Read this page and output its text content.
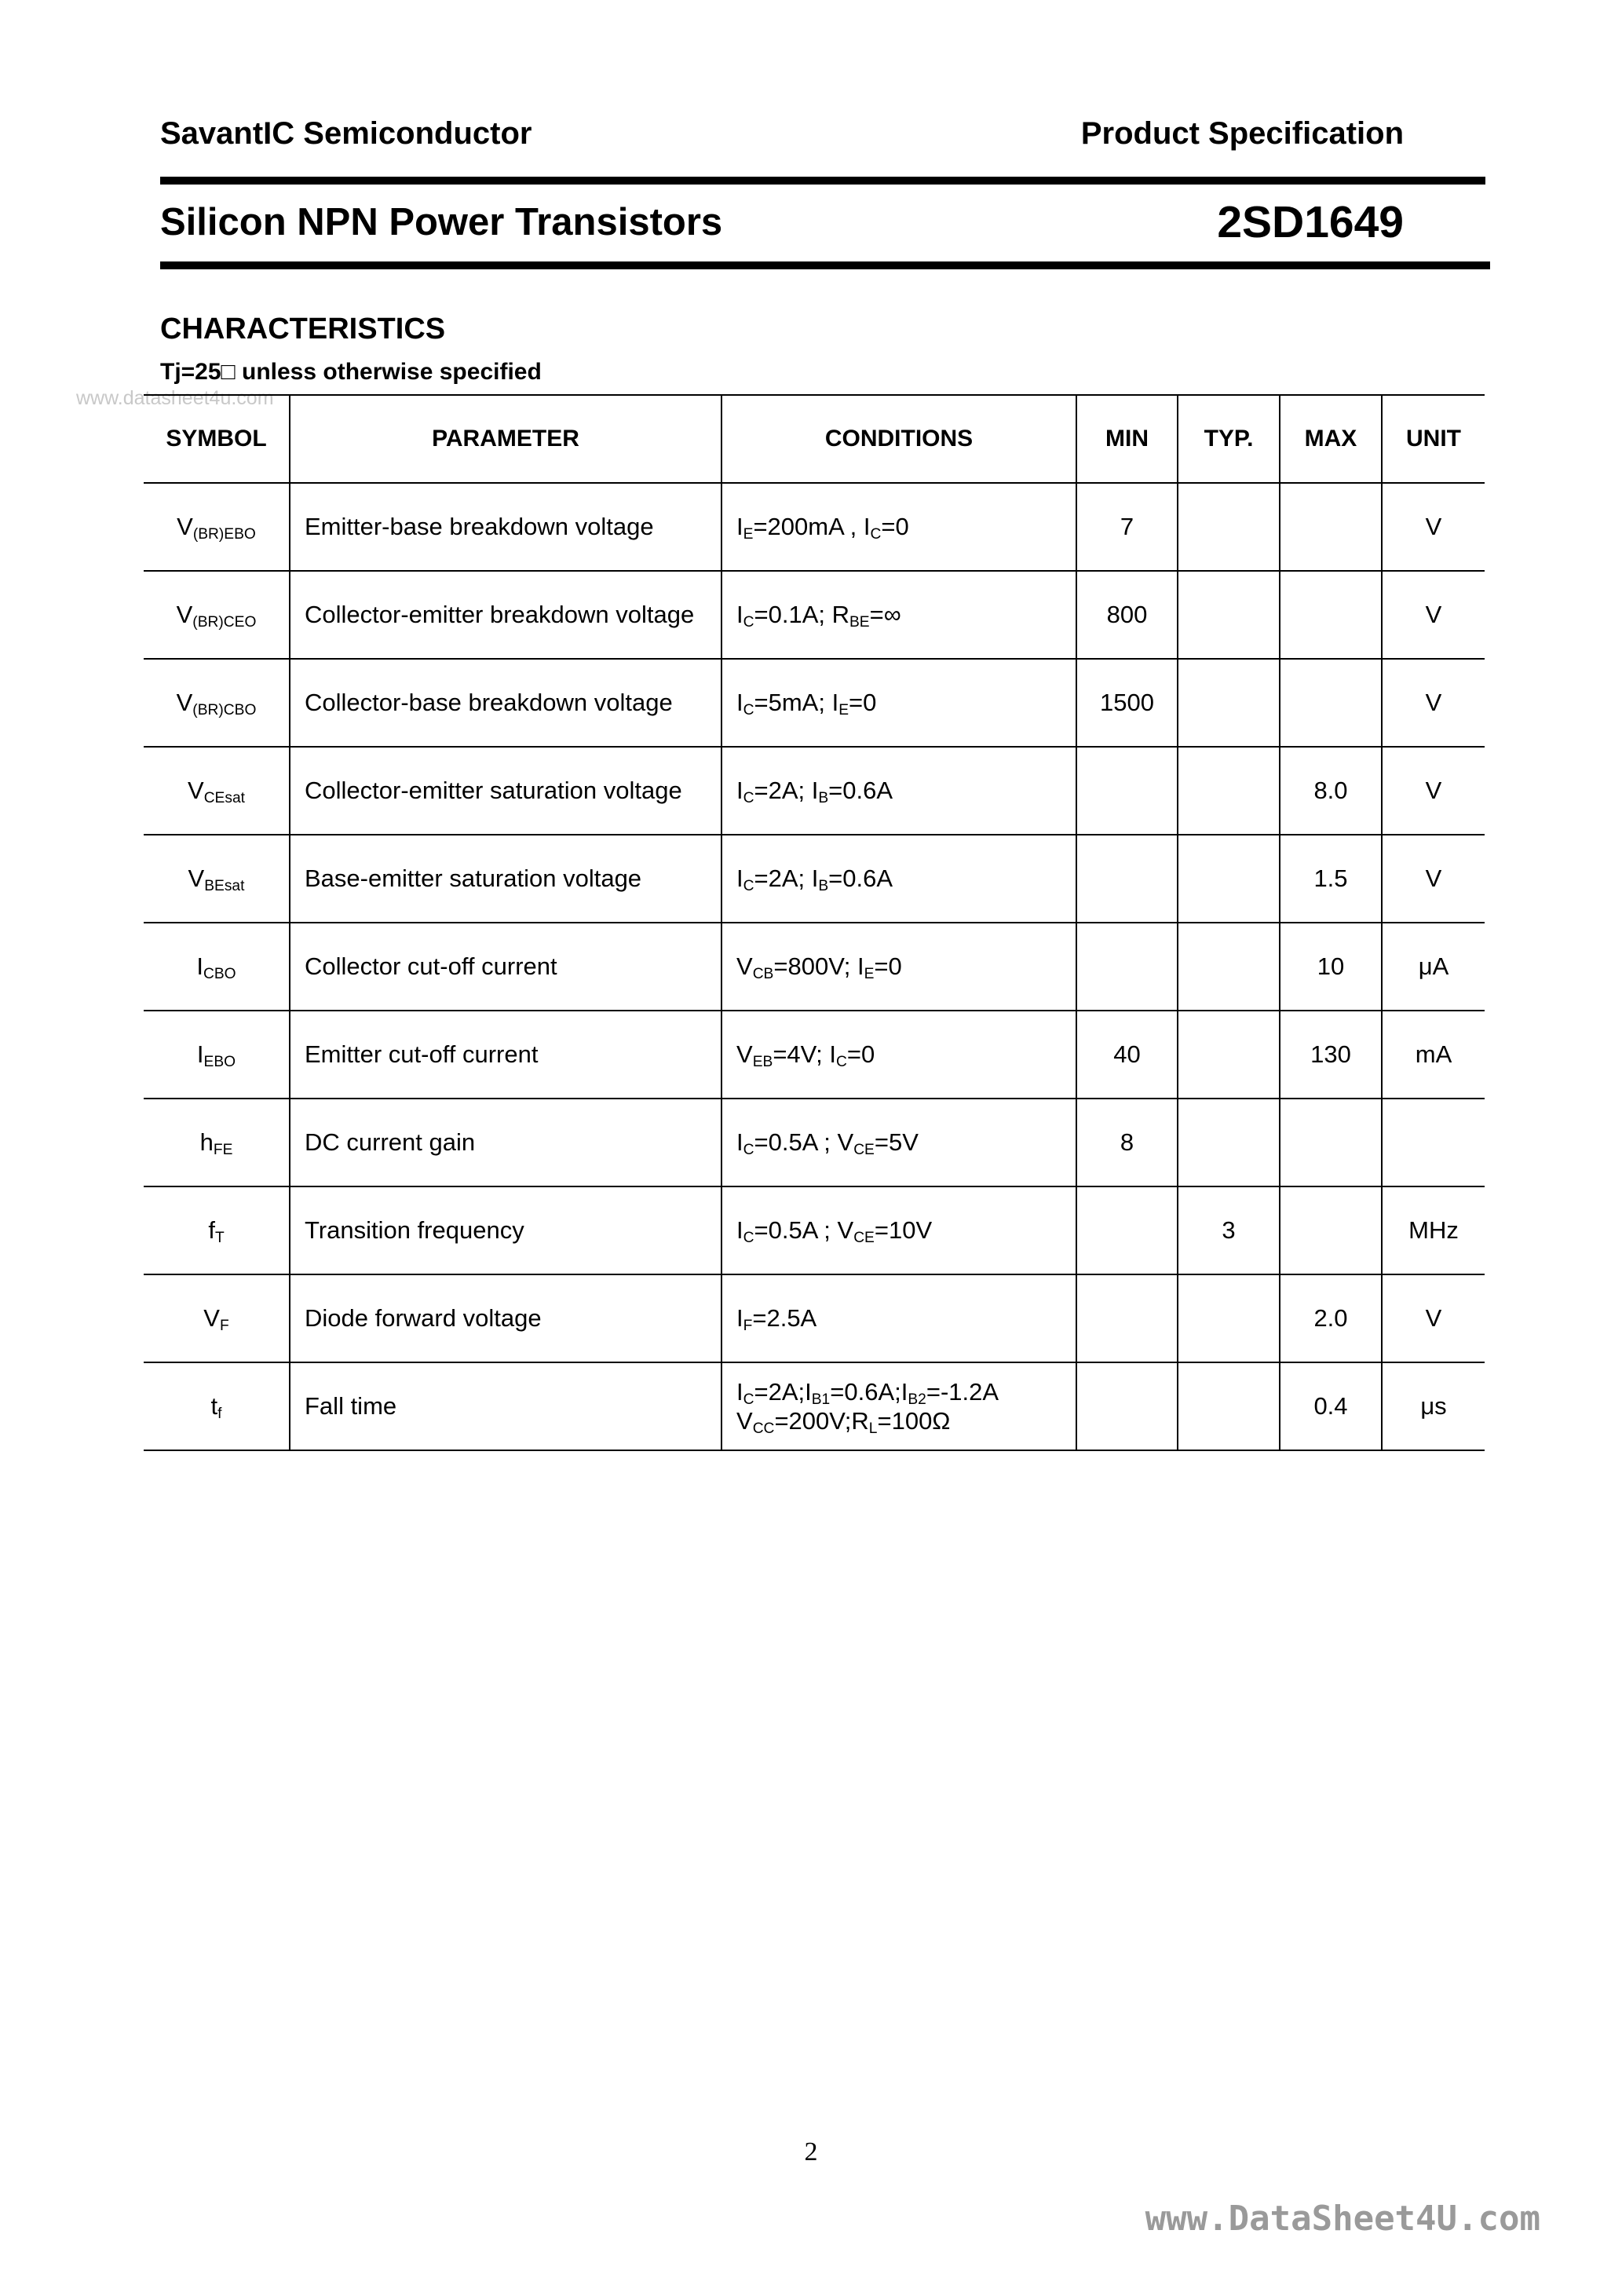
SavantIC Semiconductor	Product Specification
Silicon NPN Power Transistors	2SD1649
CHARACTERISTICS
Tj=25□ unless otherwise specified
www.datasheet4u.com
SYMBOL	PARAMETER	CONDITIONS	MIN	TYP.	MAX	UNIT
$V_{(BR)EBO}$	Emitter-base breakdown voltage	$I_E=200mA$ , $I_C=0$	7			V
$V_{(BR)CEO}$	Collector-emitter breakdown voltage	$I_C=0.1A$; $R_{BE}=\infty$	800			V
$V_{(BR)CBO}$	Collector-base breakdown voltage	$I_C=5mA$; $I_E=0$	1500			V
$V_{CEsat}$	Collector-emitter saturation voltage	$I_C=2A$; $I_B=0.6A$			8.0	V
$V_{BEsat}$	Base-emitter saturation voltage	$I_C=2A$; $I_B=0.6A$			1.5	V
$I_{CBO}$	Collector cut-off current	$V_{CB}=800V$; $I_E=0$			10	μA
$I_{EBO}$	Emitter cut-off current	$V_{EB}=4V$; $I_C=0$	40		130	mA
$h_{FE}$	DC current gain	$I_C=0.5A$ ; $V_{CE}=5V$	8			
$f_T$	Transition frequency	$I_C=0.5A$ ; $V_{CE}=10V$		3		MHz
$V_F$	Diode forward voltage	$I_F=2.5A$			2.0	V
$t_f$	Fall time	$I_C=2A;I_{B1}=0.6A;I_{B2}=-1.2A$
$V_{CC}=200V;R_L=100\Omega$			0.4	μs
2
www.DataSheet4U.com
